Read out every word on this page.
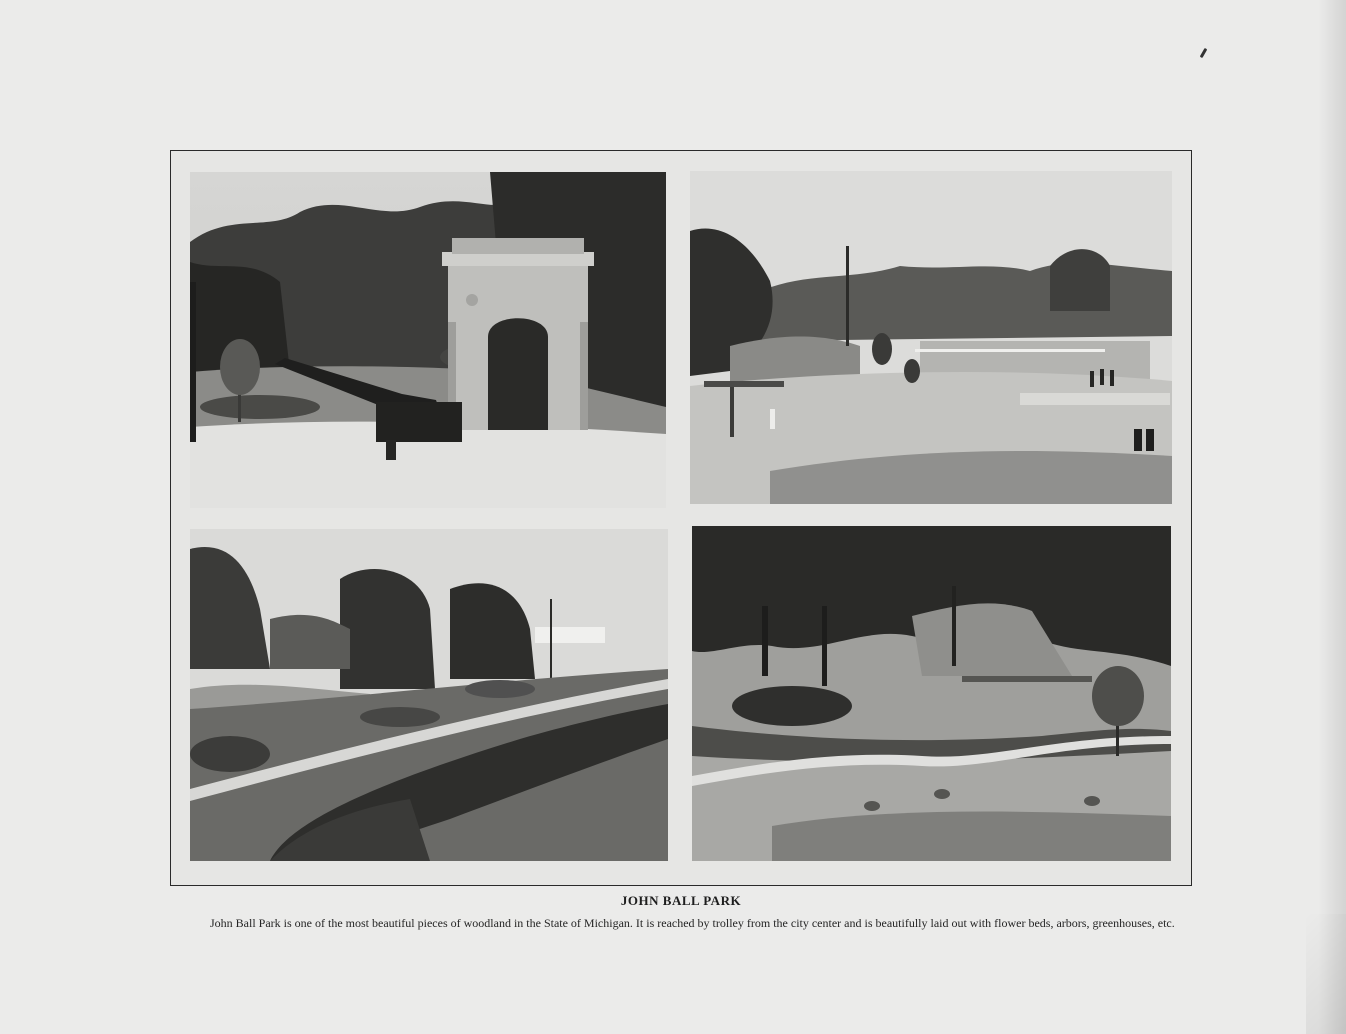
JOHN BALL PARK
John Ball Park is one of the most beautiful pieces of woodland in the State of Michigan. It is reached by trolley from the city center and is beautifully laid out with flower beds, arbors, greenhouses, etc.
